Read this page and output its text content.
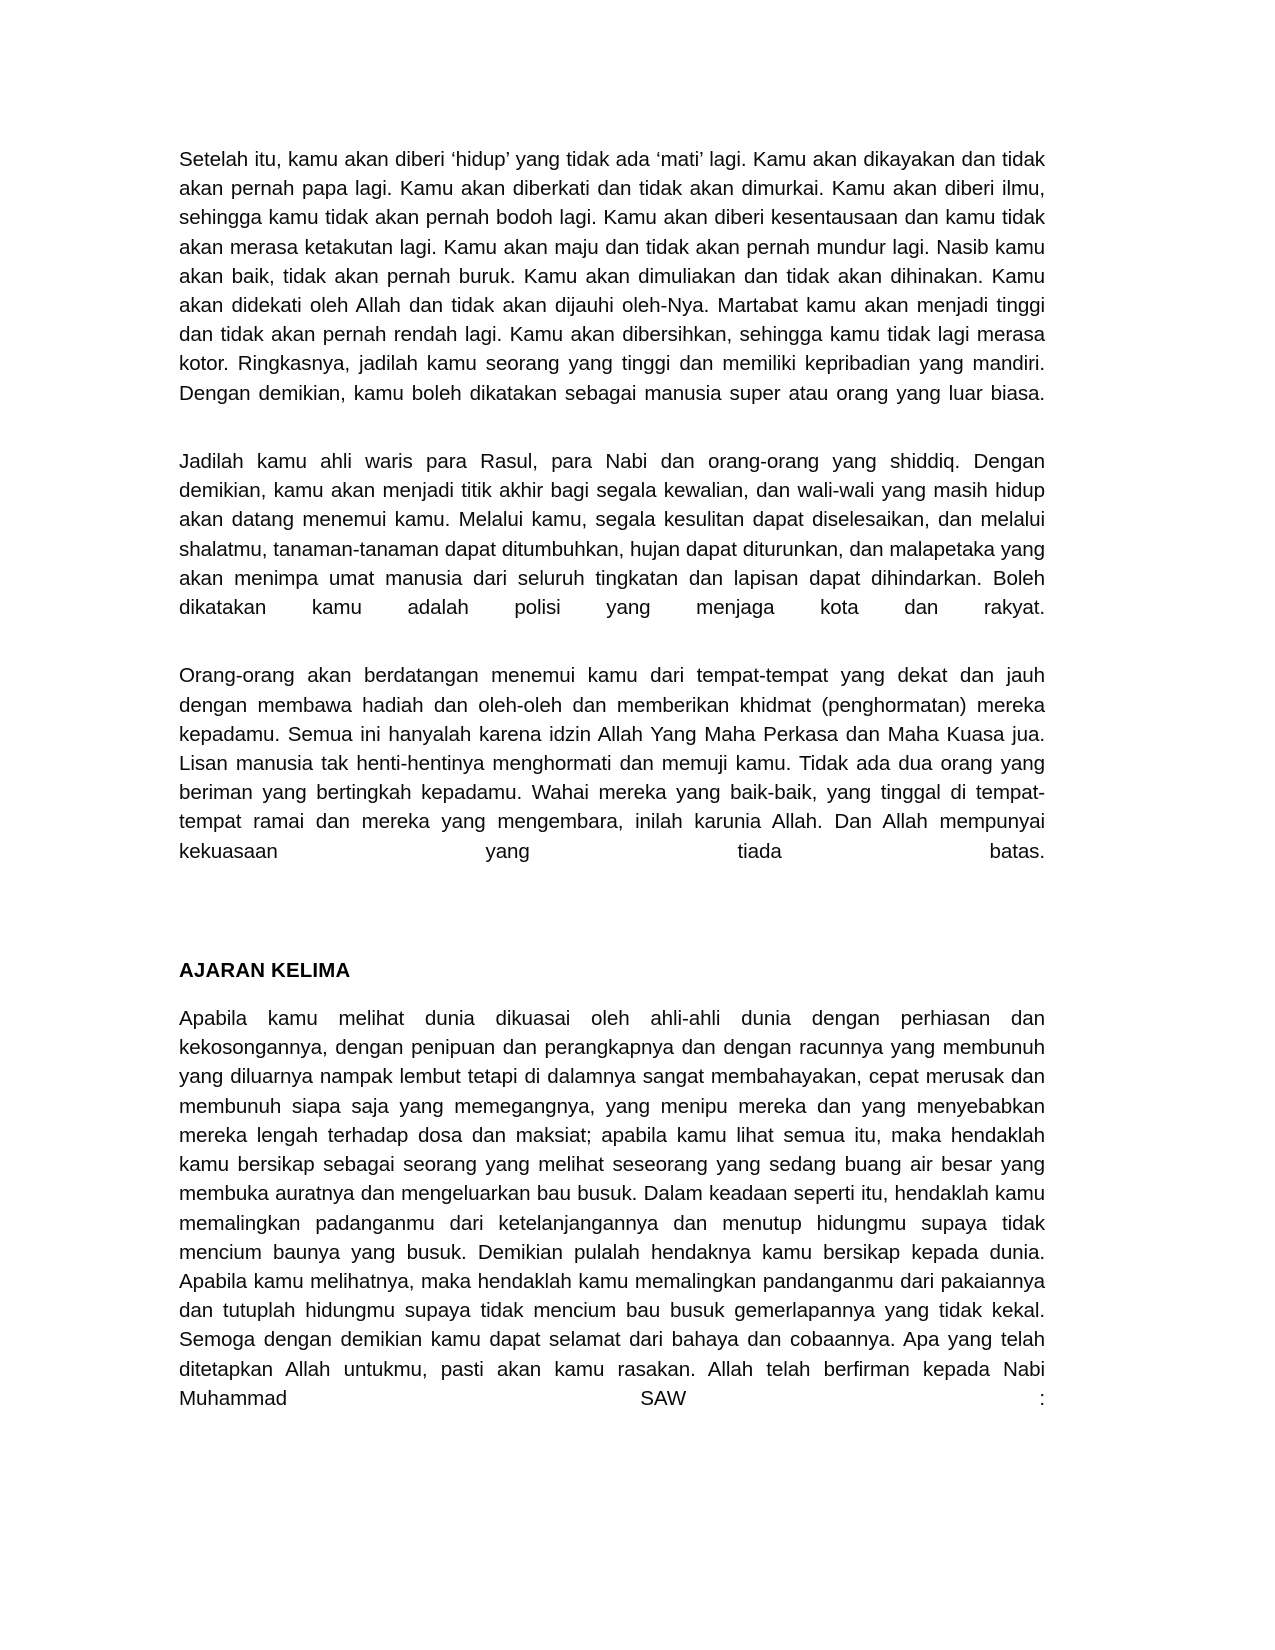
Setelah itu, kamu akan diberi ‘hidup’ yang tidak ada ‘mati’ lagi. Kamu akan dikayakan dan tidak akan pernah papa lagi. Kamu akan diberkati dan tidak akan dimurkai. Kamu akan diberi ilmu, sehingga kamu tidak akan pernah bodoh lagi. Kamu akan diberi kesentausaan dan kamu tidak akan merasa ketakutan lagi. Kamu akan maju dan tidak akan pernah mundur lagi. Nasib kamu akan baik, tidak akan pernah buruk. Kamu akan dimuliakan dan tidak akan dihinakan. Kamu akan didekati oleh Allah dan tidak akan dijauhi oleh-Nya. Martabat kamu akan menjadi tinggi dan tidak akan pernah rendah lagi. Kamu akan dibersihkan, sehingga kamu tidak lagi merasa kotor. Ringkasnya, jadilah kamu seorang yang tinggi dan memiliki kepribadian yang mandiri. Dengan demikian, kamu boleh dikatakan sebagai manusia super atau orang yang luar biasa.

Jadilah kamu ahli waris para Rasul, para Nabi dan orang-orang yang shiddiq. Dengan demikian, kamu akan menjadi titik akhir bagi segala kewalian, dan wali-wali yang masih hidup akan datang menemui kamu. Melalui kamu, segala kesulitan dapat diselesaikan, dan melalui shalatmu, tanaman-tanaman dapat ditumbuhkan, hujan dapat diturunkan, dan malapetaka yang akan menimpa umat manusia dari seluruh tingkatan dan lapisan dapat dihindarkan. Boleh dikatakan kamu adalah polisi yang menjaga kota dan rakyat.

Orang-orang akan berdatangan menemui kamu dari tempat-tempat yang dekat dan jauh dengan membawa hadiah dan oleh-oleh dan memberikan khidmat (penghormatan) mereka kepadamu. Semua ini hanyalah karena idzin Allah Yang Maha Perkasa dan Maha Kuasa jua. Lisan manusia tak henti-hentinya menghormati dan memuji kamu. Tidak ada dua orang yang beriman yang bertingkah kepadamu. Wahai mereka yang baik-baik, yang tinggal di tempat-tempat ramai dan mereka yang mengembara, inilah karunia Allah. Dan Allah mempunyai kekuasaan yang tiada batas.

AJARAN KELIMA

Apabila kamu melihat dunia dikuasai oleh ahli-ahli dunia dengan perhiasan dan kekosongannya, dengan penipuan dan perangkapnya dan dengan racunnya yang membunuh yang diluarnya nampak lembut tetapi di dalamnya sangat membahayakan, cepat merusak dan membunuh siapa saja yang memegangnya, yang menipu mereka dan yang menyebabkan mereka lengah terhadap dosa dan maksiat; apabila kamu lihat semua itu, maka hendaklah kamu bersikap sebagai seorang yang melihat seseorang yang sedang buang air besar yang membuka auratnya dan mengeluarkan bau busuk. Dalam keadaan seperti itu, hendaklah kamu memalingkan padanganmu dari ketelanjangannya dan menutup hidungmu supaya tidak mencium baunya yang busuk. Demikian pulalah hendaknya kamu bersikap kepada dunia. Apabila kamu melihatnya, maka hendaklah kamu memalingkan pandanganmu dari pakaiannya dan tutuplah hidungmu supaya tidak mencium bau busuk gemerlapannya yang tidak kekal. Semoga dengan demikian kamu dapat selamat dari bahaya dan cobaannya. Apa yang telah ditetapkan Allah untukmu, pasti akan kamu rasakan. Allah telah berfirman kepada Nabi Muhammad SAW :
